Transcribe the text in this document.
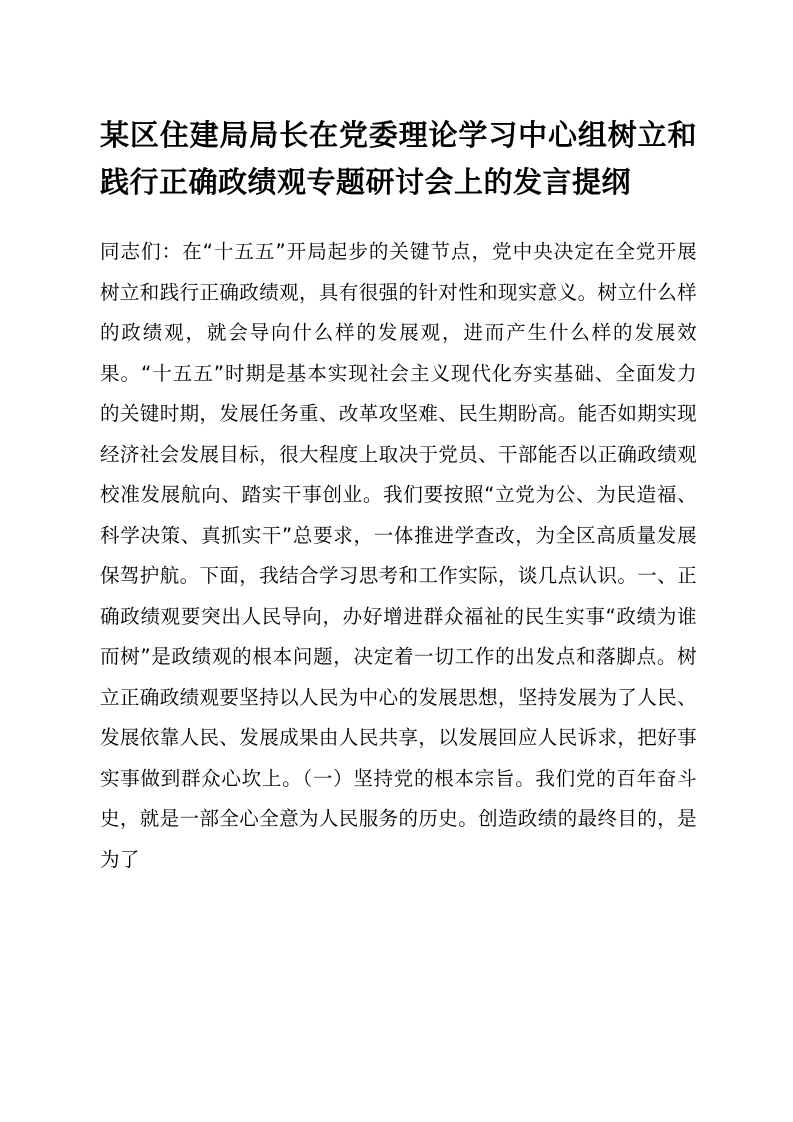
某区住建局局长在党委理论学习中心组树立和践行正确政绩观专题研讨会上的发言提纲

同志们：在“十五五”开局起步的关键节点，党中央决定在全党开展树立和践行正确政绩观，具有很强的针对性和现实意义。树立什么样的政绩观，就会导向什么样的发展观，进而产生什么样的发展效果。“十五五”时期是基本实现社会主义现代化夯实基础、全面发力的关键时期，发展任务重、改革攻坚难、民生期盼高。能否如期实现经济社会发展目标，很大程度上取决于党员、干部能否以正确政绩观校准发展航向、踏实干事创业。我们要按照“立党为公、为民造福、科学决策、真抓实干”总要求，一体推进学查改，为全区高质量发展保驾护航。下面，我结合学习思考和工作实际，谈几点认识。一、正确政绩观要突出人民导向，办好增进群众福祉的民生实事“政绩为谁而树”是政绩观的根本问题，决定着一切工作的出发点和落脚点。树立正确政绩观要坚持以人民为中心的发展思想，坚持发展为了人民、发展依靠人民、发展成果由人民共享，以发展回应人民诉求，把好事实事做到群众心坎上。（一）坚持党的根本宗旨。我们党的百年奋斗史，就是一部全心全意为人民服务的历史。创造政绩的最终目的，是为了
